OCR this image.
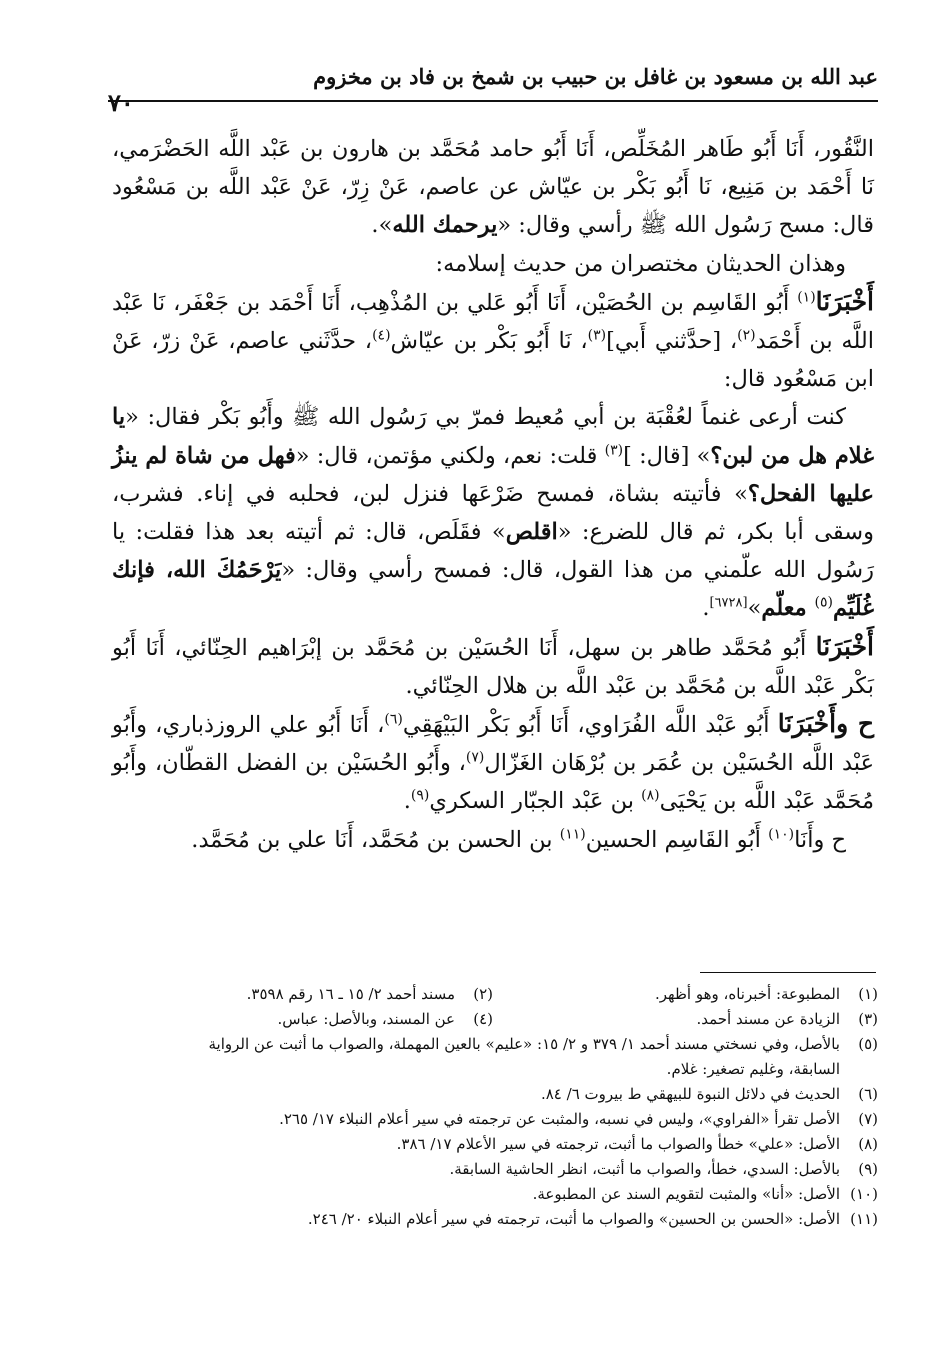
عبد الله بن مسعود بن غافل بن حبيب بن شمخ بن فاد بن مخزوم
٧٠

النَّقُور، أَنَا أَبُو طَاهر المُخَلِّص، أَنَا أَبُو حامد مُحَمَّد بن هارون بن عَبْد اللَّه الحَضْرَمي، نَا أَحْمَد بن مَنِيع، نَا أَبُو بَكْر بن عيّاش عن عاصم، عَنْ زِرّ، عَنْ عَبْد اللَّه بن مَسْعُود قال: مسح رَسُول الله ﷺ رأسي وقال: «يرحمك الله».

وهذان الحديثان مختصران من حديث إسلامه:

أَخْبَرَنَا$^{(١)}$ أَبُو القَاسِم بن الحُصَيْن، أَنَا أَبُو عَلي بن المُذْهِب، أَنَا أَحْمَد بن جَعْفَر، نَا عَبْد اللَّه بن أَحْمَد$^{(٢)}$، [حدَّثني أَبي]$^{(٣)}$، نَا أَبُو بَكْر بن عيّاش$^{(٤)}$، حدَّثَني عاصم، عَنْ زرّ، عَنْ ابن مَسْعُود قال:

كنت أرعى غنماً لعُقْبَة بن أبي مُعيط فمرّ بي رَسُول الله ﷺ وأَبُو بَكْر فقال: «يا غلام هل من لبن؟» [قال: ]$^{(٣)}$ قلت: نعم، ولكني مؤتمن، قال: «فهل من شاة لم ينزُ عليها الفحل؟» فأتيته بشاة، فمسح ضَرْعَها فنزل لبن، فحلبه في إناء. فشرب، وسقى أبا بكر، ثم قال للضرع: «اقلص» فقَلَص، قال: ثم أتيته بعد هذا فقلت: يا رَسُول الله علّمني من هذا القول، قال: فمسح رأسي وقال: «يَرْحَمُكَ الله، فإنك غُلَيِّم$^{(٥)}$ معلّم»[٦٧٢٨].

أَخْبَرَنَا أَبُو مُحَمَّد طاهر بن سهل، أَنَا الحُسَيْن بن مُحَمَّد بن إبْرَاهيم الحِنّائي، أَنَا أَبُو بَكْر عَبْد اللَّه بن مُحَمَّد بن عَبْد اللَّه بن هلال الحِنّائي.

ح وأَخْبَرَنَا أَبُو عَبْد اللَّه الفُرَاوي، أَنَا أَبُو بَكْر البَيْهَقِي$^{(٦)}$، أَنَا أَبُو علي الروزذباري، وأَبُو عَبْد اللَّه الحُسَيْن بن عُمَر بن بُرْهَان الغَزّال$^{(٧)}$، وأَبُو الحُسَيْن بن الفضل القطّان، وأَبُو مُحَمَّد عَبْد اللَّه بن يَحْيَى$^{(٨)}$ بن عَبْد الجبّار السكري$^{(٩)}$.

ح وأَنَا$^{(١٠)}$ أَبُو القَاسِم الحسين$^{(١١)}$ بن الحسن بن مُحَمَّد، أَنَا علي بن مُحَمَّد.

(١)المطبوعة: أخبرناه، وهو أظهر.

(٢)مسند أحمد ٢/ ١٥ ـ ١٦ رقم ٣٥٩٨.

(٣)الزيادة عن مسند أحمد.

(٤)عن المسند، وبالأصل: عباس.

(٥)بالأصل، وفي نسختي مسند أحمد ١/ ٣٧٩ و ٢/ ١٥: «عليم» بالعين المهملة، والصواب ما أثبت عن الرواية

السابقة، وغليم تصغير: غلام.

(٦)الحديث في دلائل النبوة للبيهقي ط بيروت ٦/ ٨٤.

(٧)الأصل تقرأ «الفراوي»، وليس في نسبه، والمثبت عن ترجمته في سير أعلام النبلاء ١٧/ ٢٦٥.

(٨)الأصل: «علي» خطأ والصواب ما أثبت، ترجمته في سير الأعلام ١٧/ ٣٨٦.

(٩)بالأصل: السدي، خطأ، والصواب ما أثبت، انظر الحاشية السابقة.

(١٠)الأصل: «أنا» والمثبت لتقويم السند عن المطبوعة.

(١١)الأصل: «الحسن بن الحسين» والصواب ما أثبت، ترجمته في سير أعلام النبلاء ٢٠/ ٢٤٦.
